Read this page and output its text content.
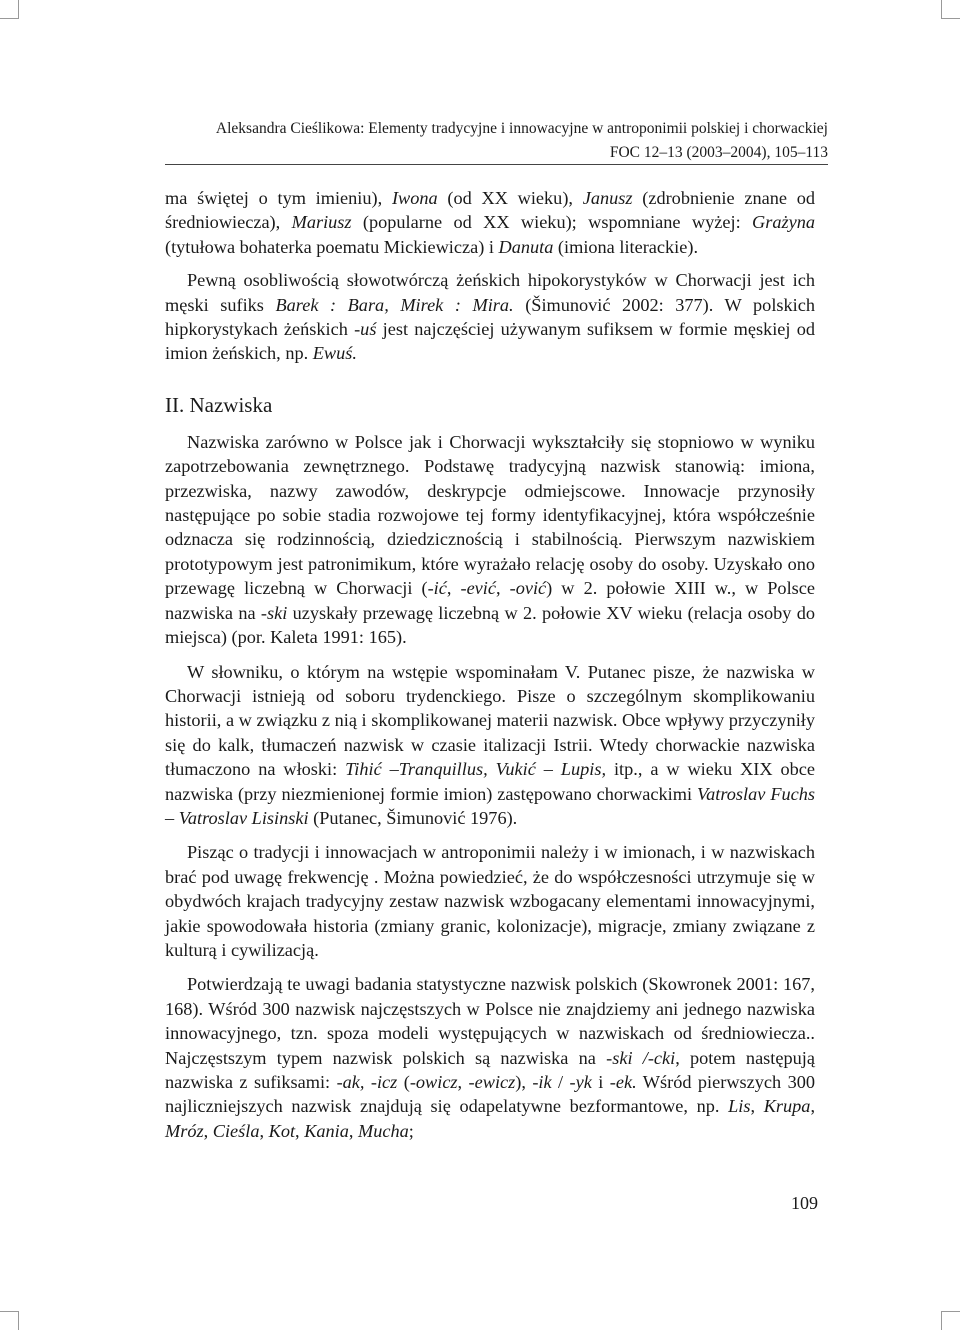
Aleksandra Cieślikowa: Elementy tradycyjne i innowacyjne w antroponimii polskiej i chorwackiej
FOC 12–13 (2003–2004), 105–113

ma świętej o tym imieniu), Iwona (od XX wieku), Janusz (zdrobnienie znane od średniowiecza), Mariusz (popularne od XX wieku); wspomniane wyżej: Grażyna (tytułowa bohaterka poematu Mickiewicza) i Danuta (imiona literackie).

Pewną osobliwością słowotwórczą żeńskich hipokorystyków w Chorwacji jest ich męski sufiks Barek : Bara, Mirek : Mira. (Šimunović 2002: 377). W polskich hipkorystykach żeńskich -uś jest najczęściej używanym sufiksem w formie męskiej od imion żeńskich, np. Ewuś.

II. Nazwiska

Nazwiska zarówno w Polsce jak i Chorwacji wykształciły się stopniowo w wyniku zapotrzebowania zewnętrznego. Podstawę tradycyjną nazwisk stanowią: imiona, przezwiska, nazwy zawodów, deskrypcje odmiejscowe. Innowacje przynosiły następujące po sobie stadia rozwojowe tej formy identyfikacyjnej, która współcześnie odznacza się rodzinnością, dziedzicznością i stabilnością. Pierwszym nazwiskiem prototypowym jest patronimikum, które wyrażało relację osoby do osoby. Uzyskało ono przewagę liczebną w Chorwacji (-ić, -ević, -ović) w 2. połowie XIII w., w Polsce nazwiska na -ski uzyskały przewagę liczebną w 2. połowie XV wieku (relacja osoby do miejsca) (por. Kaleta 1991: 165).

W słowniku, o którym na wstępie wspominałam V. Putanec pisze, że nazwiska w Chorwacji istnieją od soboru trydenckiego. Pisze o szczególnym skomplikowaniu historii, a w związku z nią i skomplikowanej materii nazwisk. Obce wpływy przyczyniły się do kalk, tłumaczeń nazwisk w czasie italizacji Istrii. Wtedy chorwackie nazwiska tłumaczono na włoski: Tihić –Tranquillus, Vukić – Lupis, itp., a w wieku XIX obce nazwiska (przy niezmienionej formie imion) zastępowano chorwackimi Vatroslav Fuchs – Vatroslav Lisinski (Putanec, Šimunović 1976).

Pisząc o tradycji i innowacjach w antroponimii należy i w imionach, i w nazwiskach brać pod uwagę frekwencję . Można powiedzieć, że do współczesności utrzymuje się w obydwóch krajach tradycyjny zestaw nazwisk wzbogacany elementami innowacyjnymi, jakie spowodowała historia (zmiany granic, kolonizacje), migracje, zmiany związane z kulturą i cywilizacją.

Potwierdzają te uwagi badania statystyczne nazwisk polskich (Skowronek 2001: 167, 168). Wśród 300 nazwisk najczęstszych w Polsce nie znajdziemy ani jednego nazwiska innowacyjnego, tzn. spoza modeli występujących w nazwiskach od średniowiecza.. Najczęstszym typem nazwisk polskich są nazwiska na -ski /-cki, potem następują nazwiska z sufiksami: -ak, -icz (-owicz, -ewicz), -ik / -yk i -ek. Wśród pierwszych 300 najliczniejszych nazwisk znajdują się odapelatywne bezformantowe, np. Lis, Krupa, Mróz, Cieśla, Kot, Kania, Mucha;

109
